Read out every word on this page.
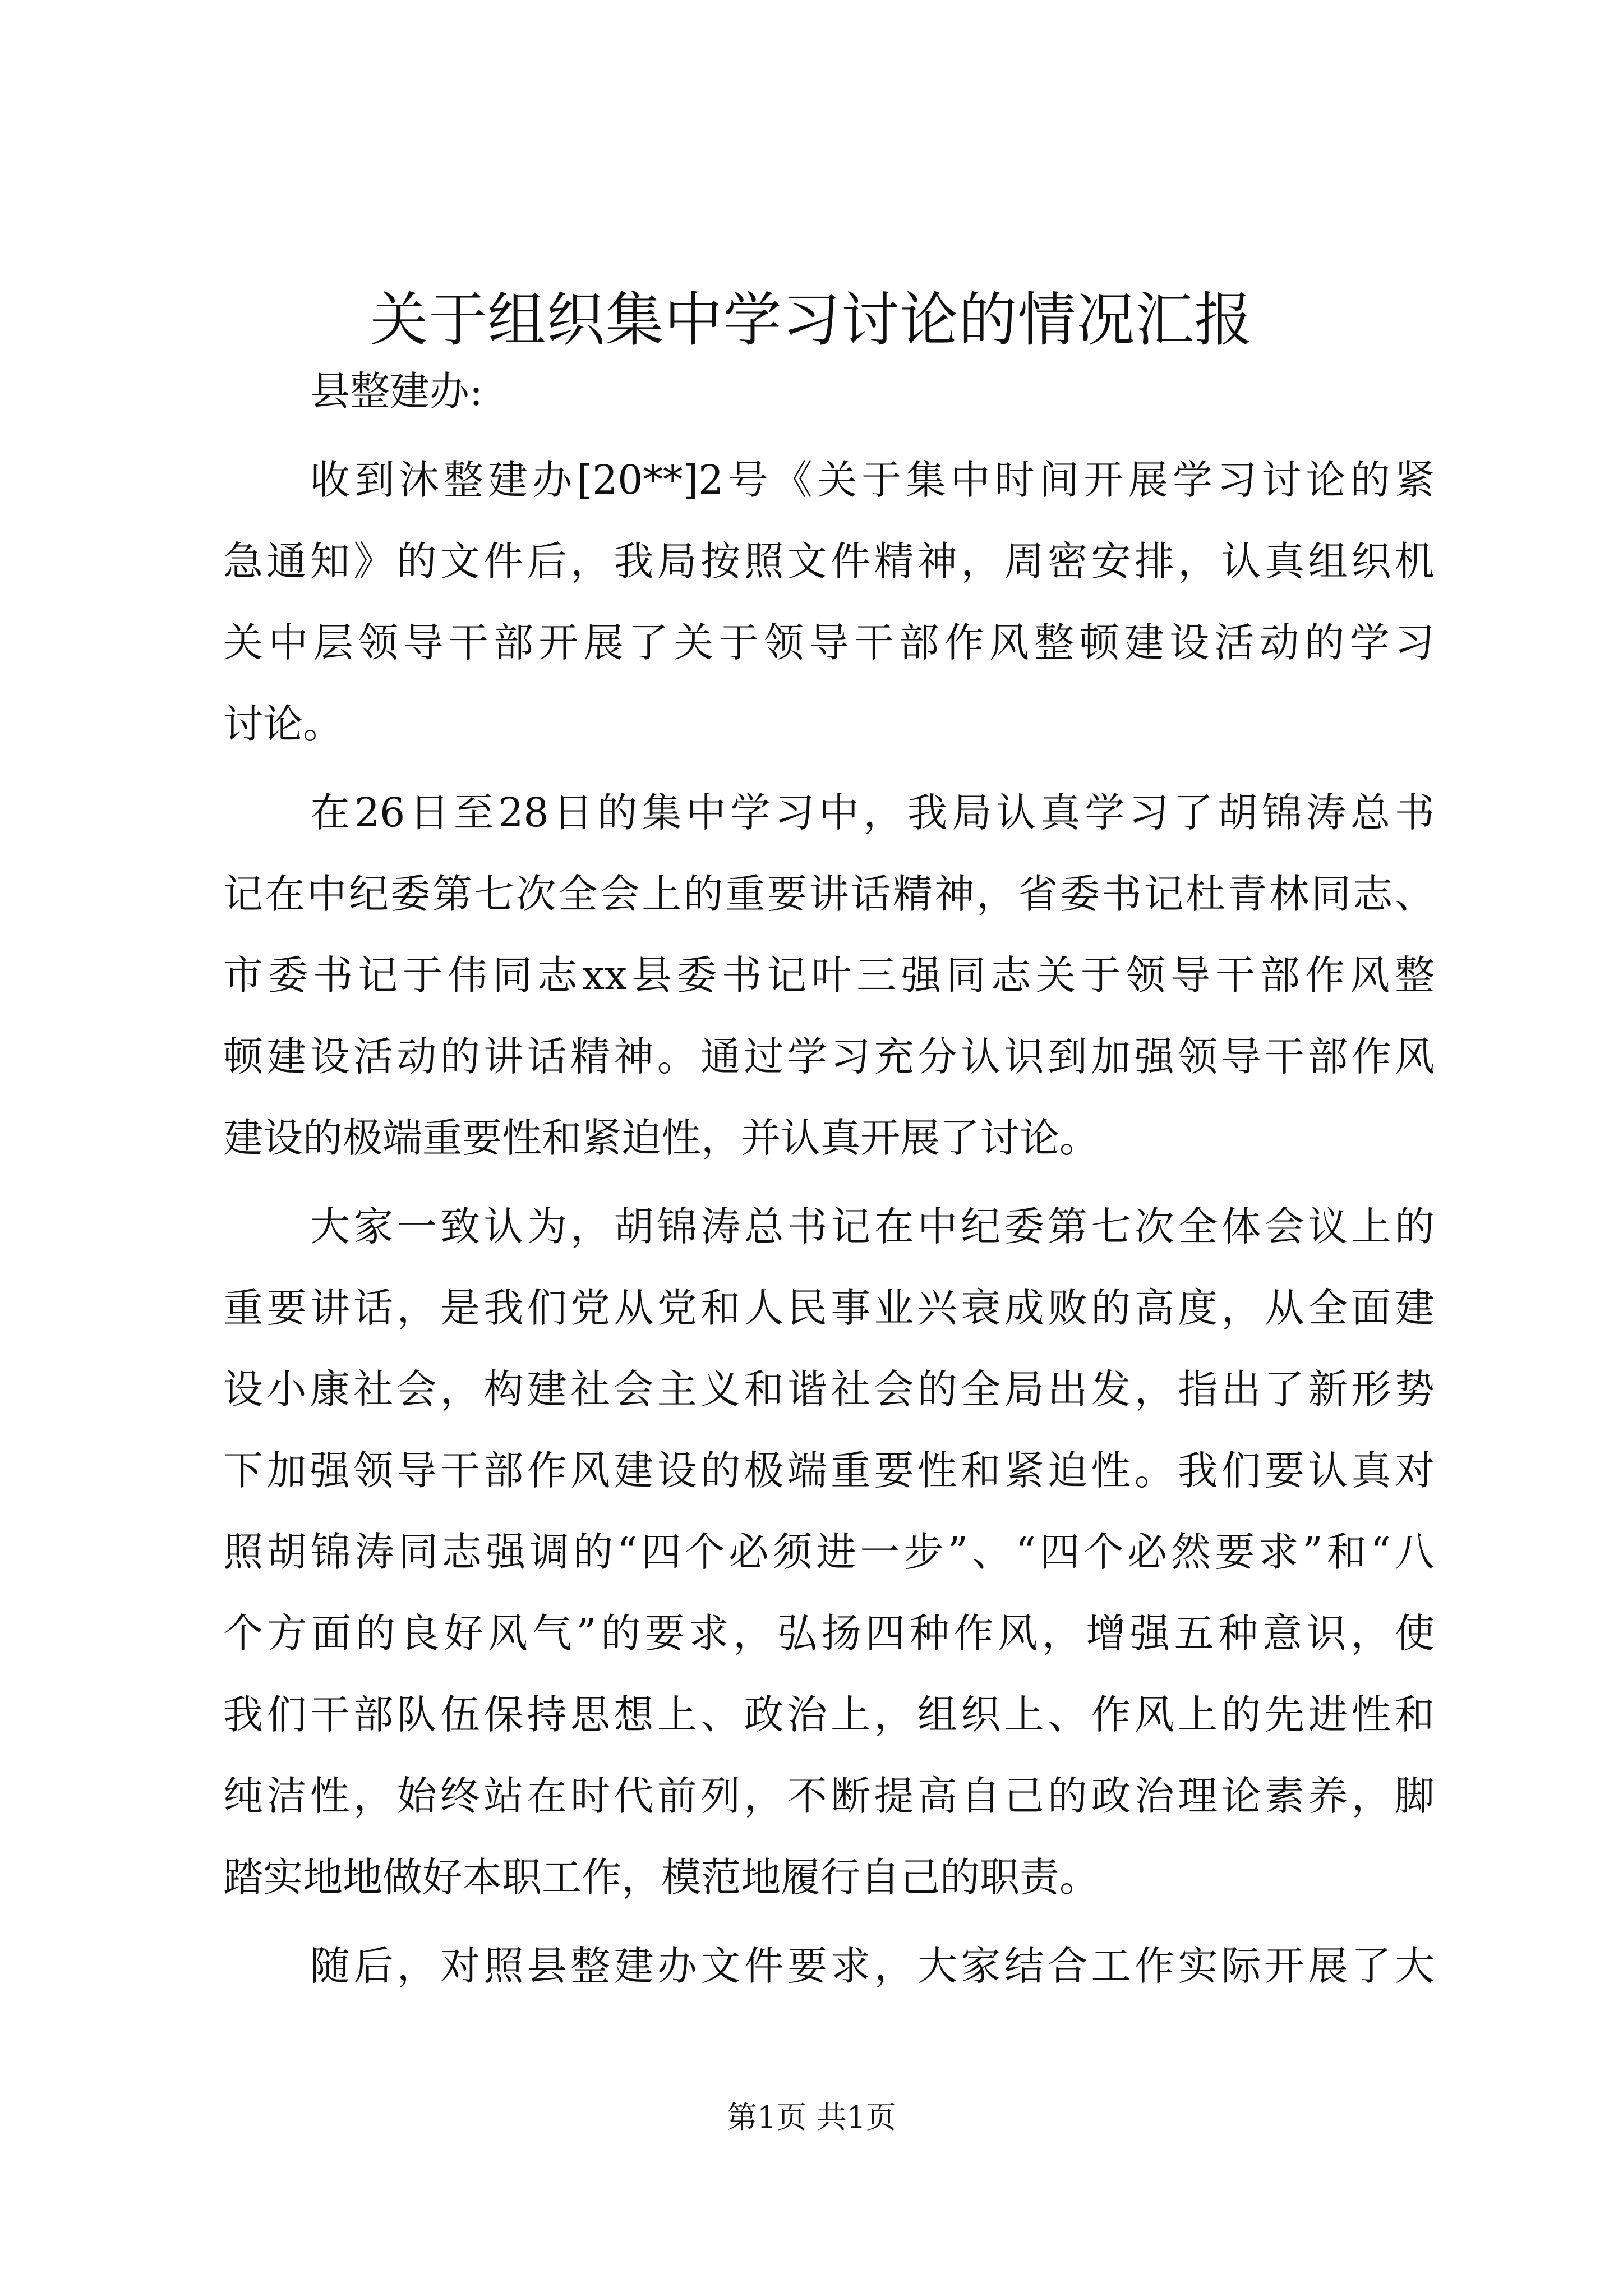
关于组织集中学习讨论的情况汇报
县整建办:
收到沐整建办[20**]2号《关于集中时间开展学习讨论的紧
急通知》的文件后，我局按照文件精神，周密安排，认真组织机
关中层领导干部开展了关于领导干部作风整顿建设活动的学习
讨论。
在26日至28日的集中学习中，我局认真学习了胡锦涛总书
记在中纪委第七次全会上的重要讲话精神，省委书记杜青林同志、
市委书记于伟同志xx县委书记叶三强同志关于领导干部作风整
顿建设活动的讲话精神。通过学习充分认识到加强领导干部作风
建设的极端重要性和紧迫性，并认真开展了讨论。
大家一致认为，胡锦涛总书记在中纪委第七次全体会议上的
重要讲话，是我们党从党和人民事业兴衰成败的高度，从全面建
设小康社会，构建社会主义和谐社会的全局出发，指出了新形势
下加强领导干部作风建设的极端重要性和紧迫性。我们要认真对
照胡锦涛同志强调的“四个必须进一步”、“四个必然要求”和“八
个方面的良好风气”的要求，弘扬四种作风，增强五种意识，使
我们干部队伍保持思想上、政治上，组织上、作风上的先进性和
纯洁性，始终站在时代前列，不断提高自己的政治理论素养，脚
踏实地地做好本职工作，模范地履行自己的职责。
随后，对照县整建办文件要求，大家结合工作实际开展了大
第1页 共1页
